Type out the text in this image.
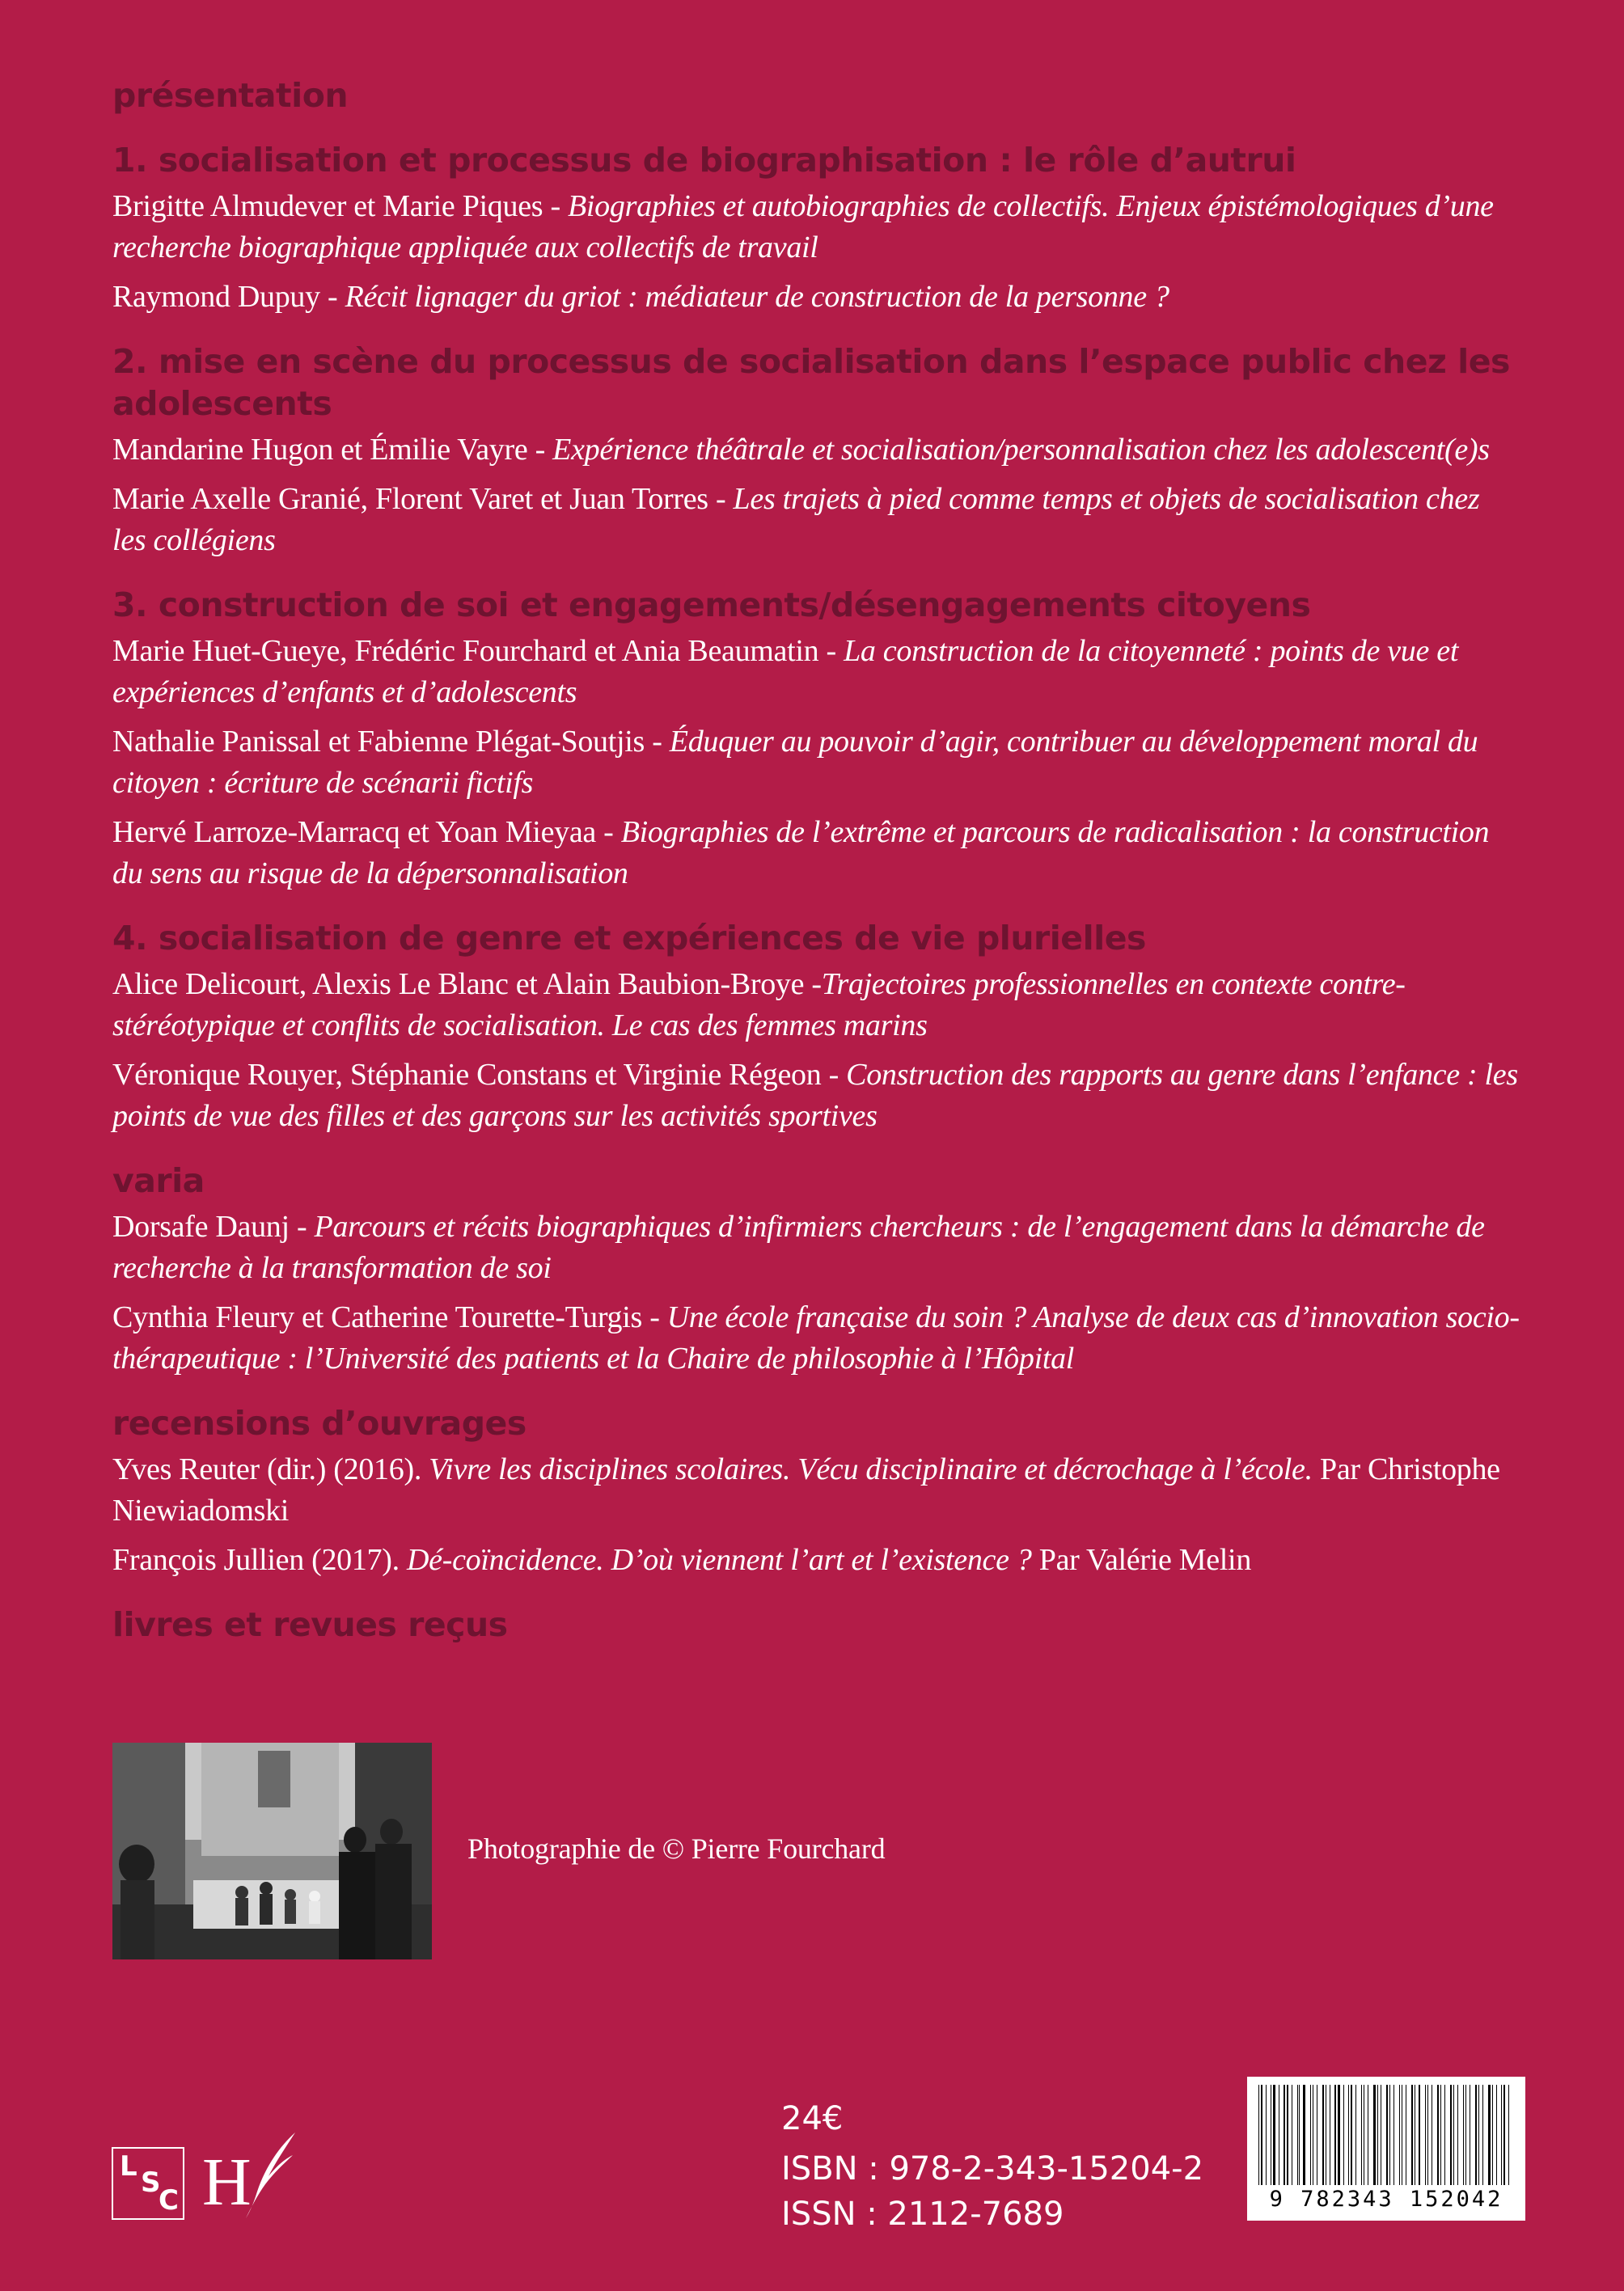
présentation
1. socialisation et processus de biographisation : le rôle d’autrui

Brigitte Almudever et Marie Piques - Biographies et autobiographies de collectifs. Enjeux épistémologiques d’une recherche biographique appliquée aux collectifs de travail

Raymond Dupuy - Récit lignager du griot : médiateur de construction de la personne ?

2. mise en scène du processus de socialisation dans l’espace public chez les adolescents

Mandarine Hugon et Émilie Vayre - Expérience théâtrale et socialisation/personnalisation chez les adolescent(e)s

Marie Axelle Granié, Florent Varet et Juan Torres - Les trajets à pied comme temps et objets de socialisation chez les collégiens

3. construction de soi et engagements/désengagements citoyens

Marie Huet-Gueye, Frédéric Fourchard et Ania Beaumatin - La construction de la citoyenneté : points de vue et expériences d’enfants et d’adolescents

Nathalie Panissal et Fabienne Plégat-Soutjis - Éduquer au pouvoir d’agir, contribuer au développement moral du citoyen : écriture de scénarii fictifs

Hervé Larroze-Marracq et Yoan Mieyaa - Biographies de l’extrême et parcours de radicalisation : la construction du sens au risque de la dépersonnalisation

4. socialisation de genre et expériences de vie plurielles

Alice Delicourt, Alexis Le Blanc et Alain Baubion-Broye -Trajectoires professionnelles en contexte contre-stéréotypique et conflits de socialisation. Le cas des femmes marins

Véronique Rouyer, Stéphanie Constans et Virginie Régeon - Construction des rapports au genre dans l’enfance : les points de vue des filles et des garçons sur les activités sportives

varia

Dorsafe Daunj - Parcours et récits biographiques d’infirmiers chercheurs : de l’engagement dans la démarche de recherche à la transformation de soi

Cynthia Fleury et Catherine Tourette-Turgis - Une école française du soin ? Analyse de deux cas d’innovation socio-thérapeutique : l’Université des patients et la Chaire de philosophie à l’Hôpital

recensions d’ouvrages

Yves Reuter (dir.) (2016). Vivre les disciplines scolaires. Vécu disciplinaire et décrochage à l’école. Par Christophe Niewiadomski

François Jullien (2017). Dé-coïncidence. D’où viennent l’art et l’existence ? Par Valérie Melin

livres et revues reçus
Photographie de © Pierre Fourchard
L S
C H
24€
ISBN : 978-2-343-15204-2
ISSN : 2112-7689	9 782343 152042
